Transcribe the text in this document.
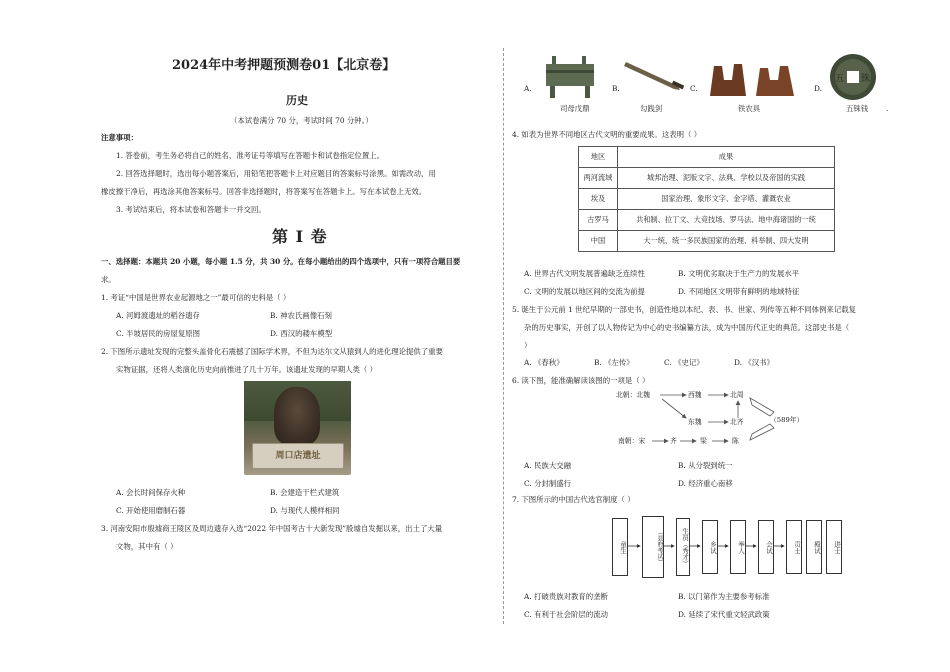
2024年中考押题预测卷01【北京卷】
历史
（本试卷满分 70 分，考试时间 70 分钟。）
注意事项：
1. 答卷前，考生务必将自己的姓名、准考证号等填写在答题卡和试卷指定位置上。
2. 回答选择题时，选出每小题答案后，用铅笔把答题卡上对应题目的答案标号涂黑。如需改动，用
橡皮擦干净后，再选涂其他答案标号。回答非选择题时，将答案写在答题卡上。写在本试卷上无效。
3. 考试结束后，将本试卷和答题卡一并交回。
第 I 卷
一、选择题：本题共 20 小题，每小题 1.5 分，共 30 分。在每小题给出的四个选项中，只有一项符合题目要
求。
1. 考证“中国是世界农业起源地之一”最可信的史料是（ ）
A. 河姆渡遗址的稻谷遗存	B. 神农氏画像石刻
C. 半坡居民的房屋复原图	D. 西汉的耧车模型
2. 下图所示遗址发现的完整头盖骨化石震撼了国际学术界，不但为达尔文从猿到人的进化理论提供了重要
实物证据，还将人类演化历史向前推进了几十万年。该遗址发现的早期人类（ ）
周口店遗址
A. 会长时间保存火种	B. 会建造干栏式建筑
C. 开始使用磨制石器	D. 与现代人模样相同
3. 河南安阳市殷墟商王陵区及周边遗存入选“2022 年中国考古十大新发现”殷墟自发掘以来，出土了大量
文物，其中有（ ）
A.
司母戊鼎
B.
勾践剑
C.
铁农具
D.
五 铢
五铢钱 .
4. 如表为世界不同地区古代文明的重要成果。这表明（ ）
地区	成果
两河流域	城邦治理、泥版文字、法典、学校以及帝国的实践
埃及	国家治理、象形文字、金字塔、灌溉农业
古罗马	共和制、拉丁文、大竞技场、罗马法、地中海诸国的一统
中国	大一统、统一多民族国家的治理、科举制、四大发明
A. 世界古代文明发展普遍缺乏连续性	B. 文明优劣取决于生产力的发展水平
C. 文明的发展以地区间的交流为前提	D. 不同地区文明带有鲜明的地域特征
5. 诞生于公元前 1 世纪早期的一部史书，创造性地以本纪、表、书、世家、列传等五种不同体例来记载复
杂的历史事实，开创了以人物传记为中心的史书编纂方法，成为中国历代正史的典范。这部史书是（
）
A. 《春秋》	B. 《左传》	C. 《史记》	D. 《汉书》
6. 读下图，能准确解读该图的一项是（ ）
北朝：北魏	西魏	北周
东魏	北齐
南朝：宋	齐	梁	陈
（589年）
A. 民族大交融	B. 从分裂到统一
C. 分封制盛行	D. 经济重心南移
7. 下图所示的中国古代选官制度（ ）
童生	（县府考试）	生员（秀才）	乡试	举人	会试	贡士	殿试	进士
A. 打破贵族对教育的垄断	B. 以门第作为主要参考标准
C. 有利于社会阶层的流动	D. 延续了宋代重文轻武政策
